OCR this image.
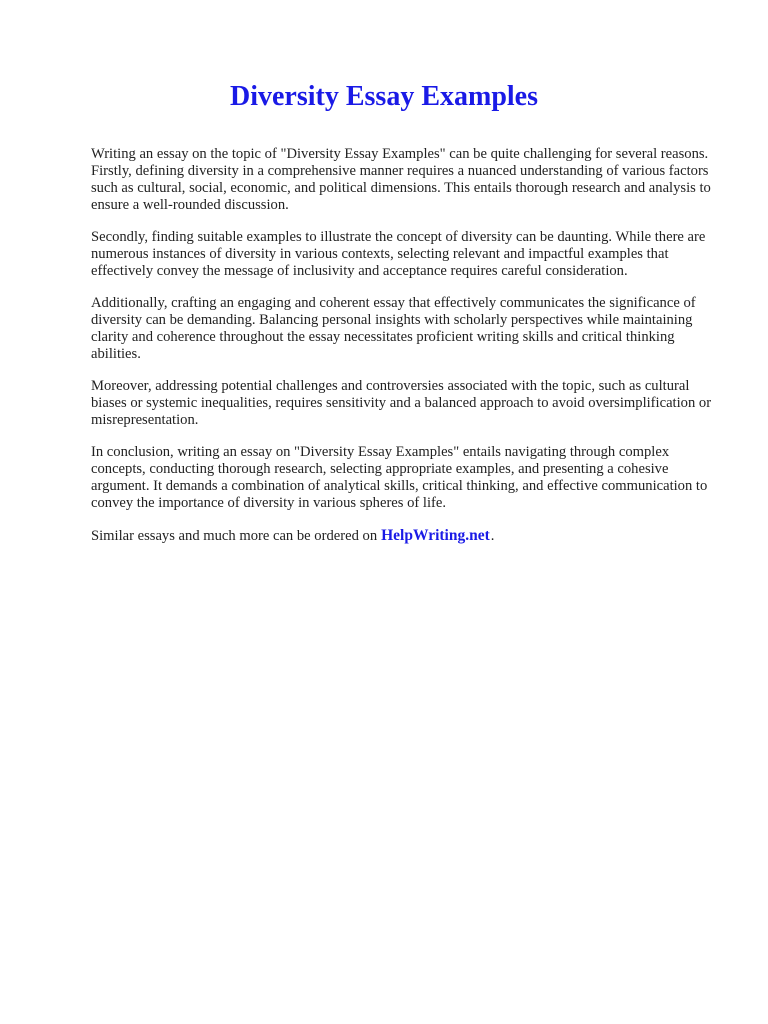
Diversity Essay Examples

Writing an essay on the topic of "Diversity Essay Examples" can be quite challenging for several reasons. Firstly, defining diversity in a comprehensive manner requires a nuanced understanding of various factors such as cultural, social, economic, and political dimensions. This entails thorough research and analysis to ensure a well-rounded discussion.

Secondly, finding suitable examples to illustrate the concept of diversity can be daunting. While there are numerous instances of diversity in various contexts, selecting relevant and impactful examples that effectively convey the message of inclusivity and acceptance requires careful consideration.

Additionally, crafting an engaging and coherent essay that effectively communicates the significance of diversity can be demanding. Balancing personal insights with scholarly perspectives while maintaining clarity and coherence throughout the essay necessitates proficient writing skills and critical thinking abilities.

Moreover, addressing potential challenges and controversies associated with the topic, such as cultural biases or systemic inequalities, requires sensitivity and a balanced approach to avoid oversimplification or misrepresentation.

In conclusion, writing an essay on "Diversity Essay Examples" entails navigating through complex concepts, conducting thorough research, selecting appropriate examples, and presenting a cohesive argument. It demands a combination of analytical skills, critical thinking, and effective communication to convey the importance of diversity in various spheres of life.

Similar essays and much more can be ordered on HelpWriting.net.
